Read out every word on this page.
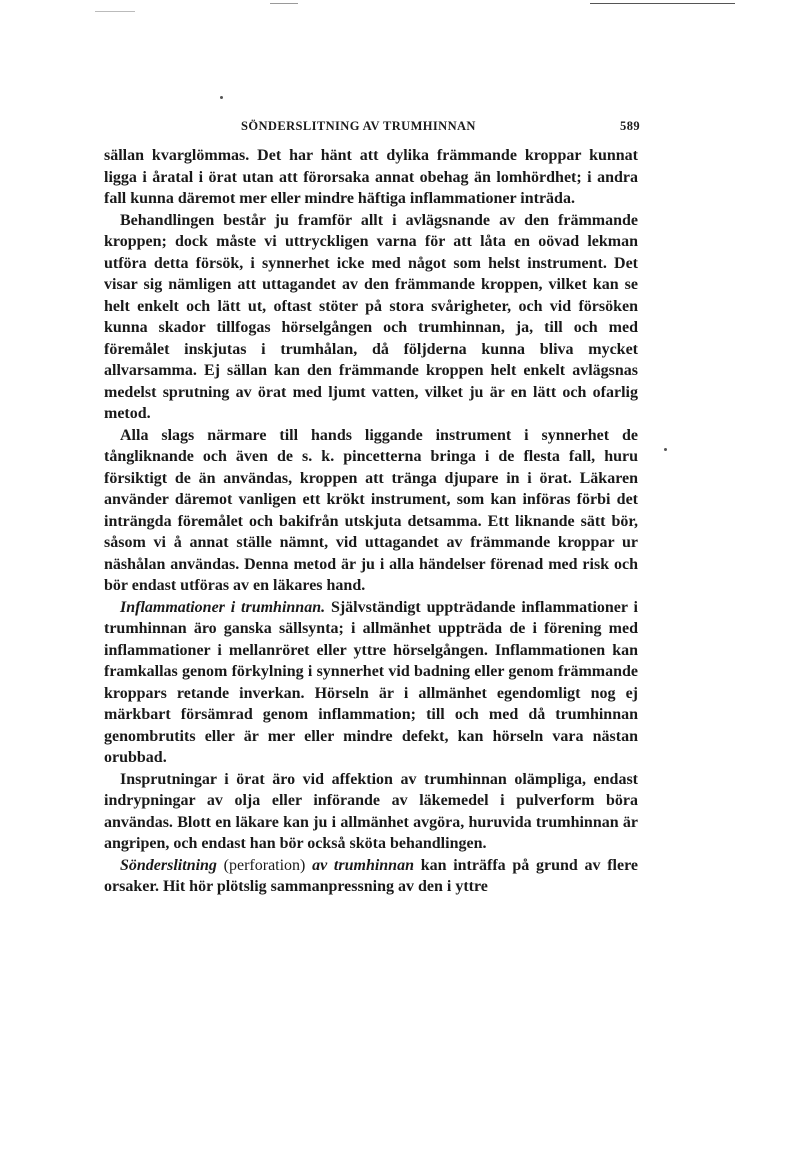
SÖNDERSLITNING AV TRUMHINNAN	589

sällan kvarglömmas. Det har hänt att dylika främmande kroppar kunnat ligga i åratal i örat utan att förorsaka annat obehag än lomhördhet; i andra fall kunna däremot mer eller mindre häftiga inflammationer inträda.

Behandlingen består ju framför allt i avlägsnande av den främmande kroppen; dock måste vi uttryckligen varna för att låta en oövad lekman utföra detta försök, i synnerhet icke med något som helst instrument. Det visar sig nämligen att uttagandet av den främmande kroppen, vilket kan se helt enkelt och lätt ut, oftast stöter på stora svårigheter, och vid försöken kunna skador tillfogas hörselgången och trumhinnan, ja, till och med föremålet inskjutas i trumhålan, då följderna kunna bliva mycket allvarsamma. Ej sällan kan den främmande kroppen helt enkelt avlägsnas medelst sprutning av örat med ljumt vatten, vilket ju är en lätt och ofarlig metod.

Alla slags närmare till hands liggande instrument i synnerhet de tångliknande och även de s. k. pincetterna bringa i de flesta fall, huru försiktigt de än användas, kroppen att tränga djupare in i örat. Läkaren använder däremot vanligen ett krökt instrument, som kan införas förbi det inträngda föremålet och bakifrån utskjuta detsamma. Ett liknande sätt bör, såsom vi å annat ställe nämnt, vid uttagandet av främmande kroppar ur näshålan användas. Denna metod är ju i alla händelser förenad med risk och bör endast utföras av en läkares hand.

Inflammationer i trumhinnan. Självständigt uppträdande inflammationer i trumhinnan äro ganska sällsynta; i allmänhet uppträda de i förening med inflammationer i mellanröret eller yttre hörselgången. Inflammationen kan framkallas genom förkylning i synnerhet vid badning eller genom främmande kroppars retande inverkan. Hörseln är i allmänhet egendomligt nog ej märkbart försämrad genom inflammation; till och med då trumhinnan genombrutits eller är mer eller mindre defekt, kan hörseln vara nästan orubbad.

Insprutningar i örat äro vid affektion av trumhinnan olämpliga, endast indrypningar av olja eller införande av läkemedel i pulverform böra användas. Blott en läkare kan ju i allmänhet avgöra, huruvida trumhinnan är angripen, och endast han bör också sköta behandlingen.

Sönderslitning (perforation) av trumhinnan kan inträffa på grund av flere orsaker. Hit hör plötslig sammanpressning av den i yttre
